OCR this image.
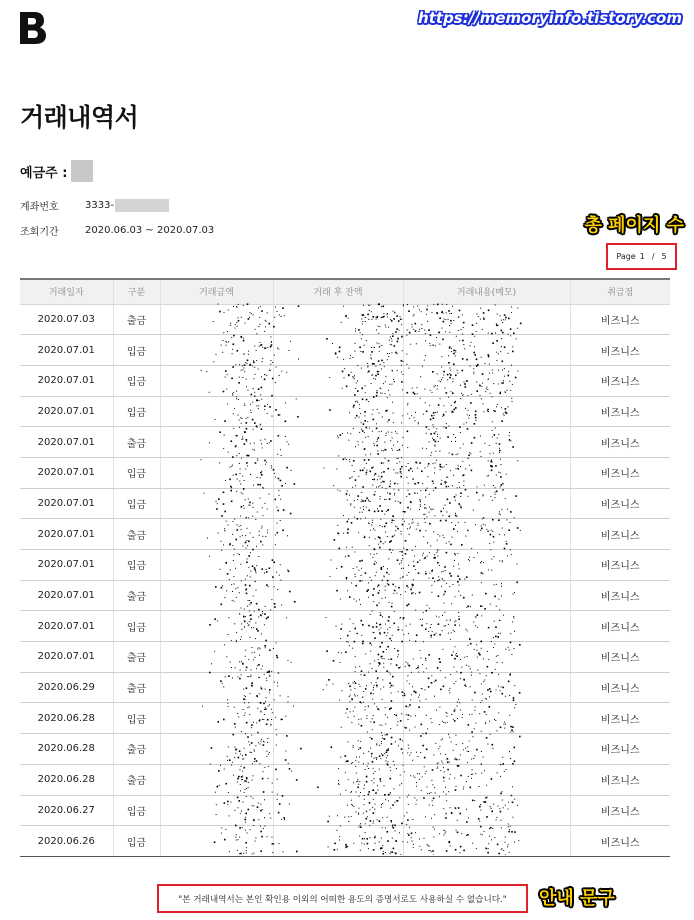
https://memoryinfo.tistory.com
거래내역서
예금주 :
계좌번호	3333-
조회기간	2020.06.03 ~ 2020.07.03	총 페이지 수
Page 1 / 5
거래일자	구분	거래금액	거래 후 잔액	거래내용(메모)	취급점
2020.07.03	출금				비즈니스
2020.07.01	입금				비즈니스
2020.07.01	입금				비즈니스
2020.07.01	입금				비즈니스
2020.07.01	출금				비즈니스
2020.07.01	입금				비즈니스
2020.07.01	입금				비즈니스
2020.07.01	출금				비즈니스
2020.07.01	입금				비즈니스
2020.07.01	출금				비즈니스
2020.07.01	입금				비즈니스
2020.07.01	출금				비즈니스
2020.06.29	출금				비즈니스
2020.06.28	입금				비즈니스
2020.06.28	출금				비즈니스
2020.06.28	출금				비즈니스
2020.06.27	입금				비즈니스
2020.06.26	입금				비즈니스
"본 거래내역서는 본인 확인용 이외의 어떠한 용도의 증명서로도 사용하실 수 없습니다." 안내 문구
